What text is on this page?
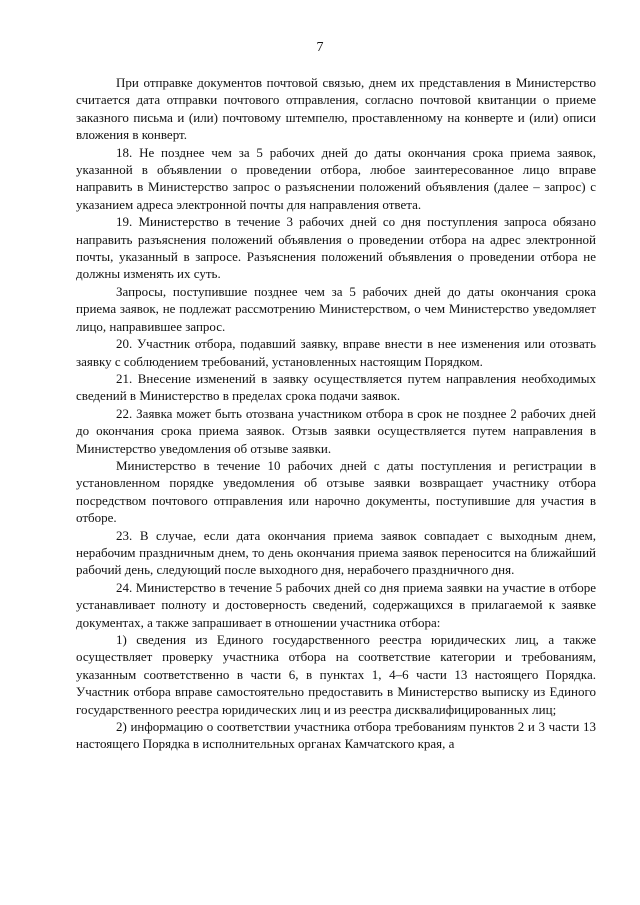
7

При отправке документов почтовой связью, днем их представления в Министерство считается дата отправки почтового отправления, согласно почтовой квитанции о приеме заказного письма и (или) почтовому штемпелю, проставленному на конверте и (или) описи вложения в конверт.

18. Не позднее чем за 5 рабочих дней до даты окончания срока приема заявок, указанной в объявлении о проведении отбора, любое заинтересованное лицо вправе направить в Министерство запрос о разъяснении положений объявления (далее – запрос) с указанием адреса электронной почты для направления ответа.

19. Министерство в течение 3 рабочих дней со дня поступления запроса обязано направить разъяснения положений объявления о проведении отбора на адрес электронной почты, указанный в запросе. Разъяснения положений объявления о проведении отбора не должны изменять их суть.

Запросы, поступившие позднее чем за 5 рабочих дней до даты окончания срока приема заявок, не подлежат рассмотрению Министерством, о чем Министерство уведомляет лицо, направившее запрос.

20. Участник отбора, подавший заявку, вправе внести в нее изменения или отозвать заявку с соблюдением требований, установленных настоящим Порядком.

21. Внесение изменений в заявку осуществляется путем направления необходимых сведений в Министерство в пределах срока подачи заявок.

22. Заявка может быть отозвана участником отбора в срок не позднее 2 рабочих дней до окончания срока приема заявок. Отзыв заявки осуществляется путем направления в Министерство уведомления об отзыве заявки.

Министерство в течение 10 рабочих дней с даты поступления и регистрации в установленном порядке уведомления об отзыве заявки возвращает участнику отбора посредством почтового отправления или нарочно документы, поступившие для участия в отборе.

23. В случае, если дата окончания приема заявок совпадает с выходным днем, нерабочим праздничным днем, то день окончания приема заявок переносится на ближайший рабочий день, следующий после выходного дня, нерабочего праздничного дня.

24. Министерство в течение 5 рабочих дней со дня приема заявки на участие в отборе устанавливает полноту и достоверность сведений, содержащихся в прилагаемой к заявке документах, а также запрашивает в отношении участника отбора:

1) сведения из Единого государственного реестра юридических лиц, а также осуществляет проверку участника отбора на соответствие категории и требованиям, указанным соответственно в части 6, в пунктах 1, 4–6 части 13 настоящего Порядка. Участник отбора вправе самостоятельно предоставить в Министерство выписку из Единого государственного реестра юридических лиц и из реестра дисквалифицированных лиц;

2) информацию о соответствии участника отбора требованиям пунктов 2 и 3 части 13 настоящего Порядка в исполнительных органах Камчатского края, а
